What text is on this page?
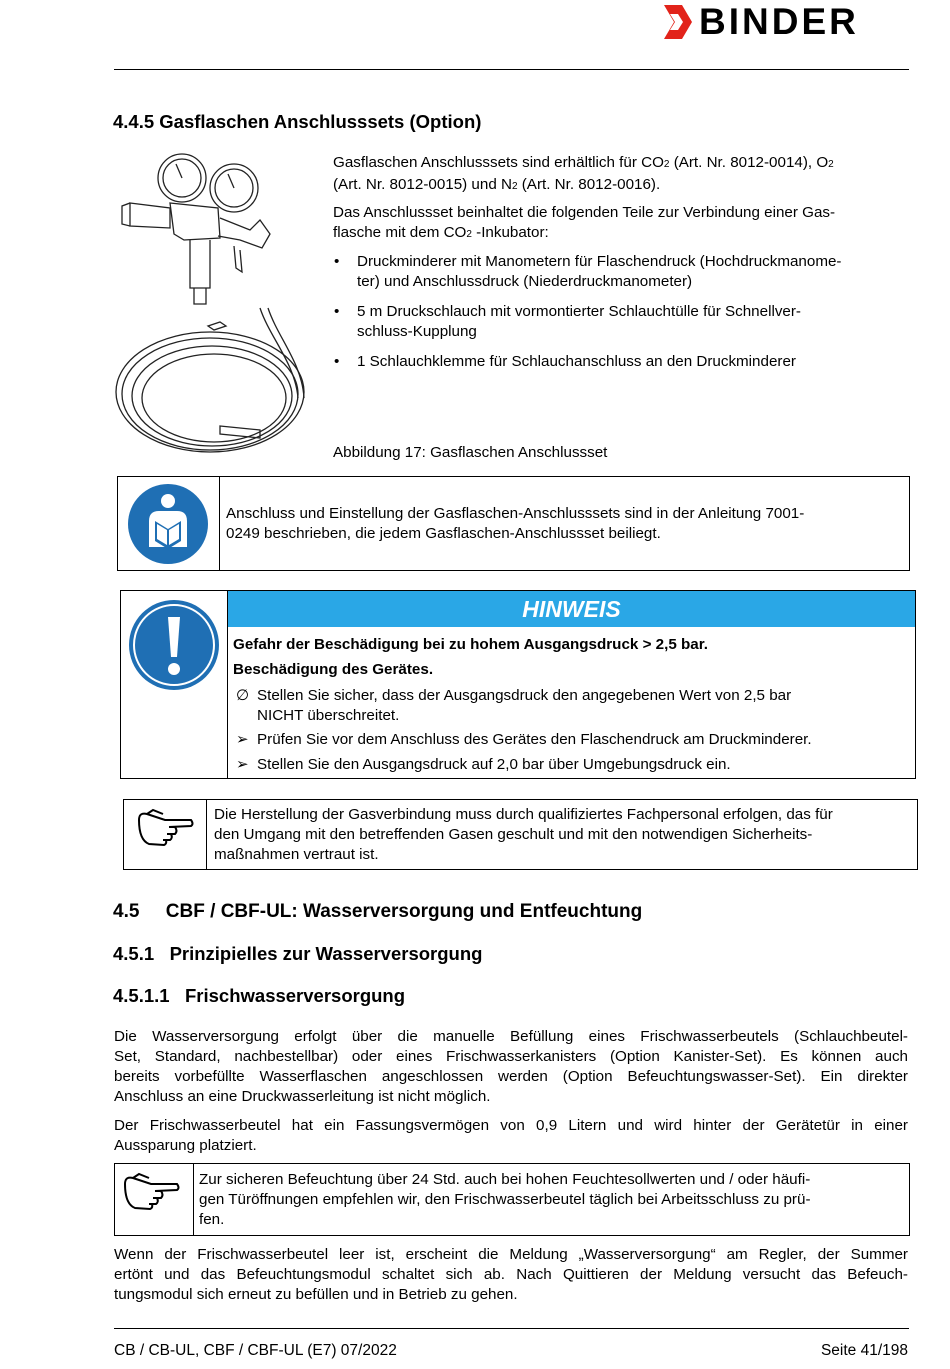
BINDER
4.4.5 Gasflaschen Anschlusssets (Option)
Gasflaschen Anschlusssets sind erhältlich für CO2 (Art. Nr. 8012-0014), O2
(Art. Nr. 8012-0015) und N2 (Art. Nr. 8012-0016).
Das Anschlussset beinhaltet die folgenden Teile zur Verbindung einer Gas-
flasche mit dem CO2 -Inkubator:
• Druckminderer mit Manometern für Flaschendruck (Hochdruckmanome-
ter) und Anschlussdruck (Niederdruckmanometer)
• 5 m Druckschlauch mit vormontierter Schlauchtülle für Schnellver-
schluss-Kupplung
• 1 Schlauchklemme für Schlauchanschluss an den Druckminderer
Abbildung 17: Gasflaschen Anschlussset
Anschluss und Einstellung der Gasflaschen-Anschlusssets sind in der Anleitung 7001-
0249 beschrieben, die jedem Gasflaschen-Anschlussset beiliegt.
HINWEIS
Gefahr der Beschädigung bei zu hohem Ausgangsdruck > 2,5 bar.
Beschädigung des Gerätes.
∅ Stellen Sie sicher, dass der Ausgangsdruck den angegebenen Wert von 2,5 bar
NICHT überschreitet.
➢ Prüfen Sie vor dem Anschluss des Gerätes den Flaschendruck am Druckminderer.
➢ Stellen Sie den Ausgangsdruck auf 2,0 bar über Umgebungsdruck ein.
Die Herstellung der Gasverbindung muss durch qualifiziertes Fachpersonal erfolgen, das für
den Umgang mit den betreffenden Gasen geschult und mit den notwendigen Sicherheits-
maßnahmen vertraut ist.
4.5     CBF / CBF-UL: Wasserversorgung und Entfeuchtung
4.5.1   Prinzipielles zur Wasserversorgung
4.5.1.1   Frischwasserversorgung
Die Wasserversorgung erfolgt über die manuelle Befüllung eines Frischwasserbeutels (Schlauchbeutel-
Set, Standard, nachbestellbar) oder eines Frischwasserkanisters (Option Kanister-Set). Es können auch
bereits vorbefüllte Wasserflaschen angeschlossen werden (Option Befeuchtungswasser-Set). Ein direkter
Anschluss an eine Druckwasserleitung ist nicht möglich.
Der Frischwasserbeutel hat ein Fassungsvermögen von 0,9 Litern und wird hinter der Gerätetür in einer
Aussparung platziert.
Zur sicheren Befeuchtung über 24 Std. auch bei hohen Feuchtesollwerten und / oder häufi-
gen Türöffnungen empfehlen wir, den Frischwasserbeutel täglich bei Arbeitsschluss zu prü-
fen.
Wenn der Frischwasserbeutel leer ist, erscheint die Meldung „Wasserversorgung“ am Regler, der Summer
ertönt und das Befeuchtungsmodul schaltet sich ab. Nach Quittieren der Meldung versucht das Befeuch-
tungsmodul sich erneut zu befüllen und in Betrieb zu gehen.
CB / CB-UL, CBF / CBF-UL (E7) 07/2022	Seite 41/198
